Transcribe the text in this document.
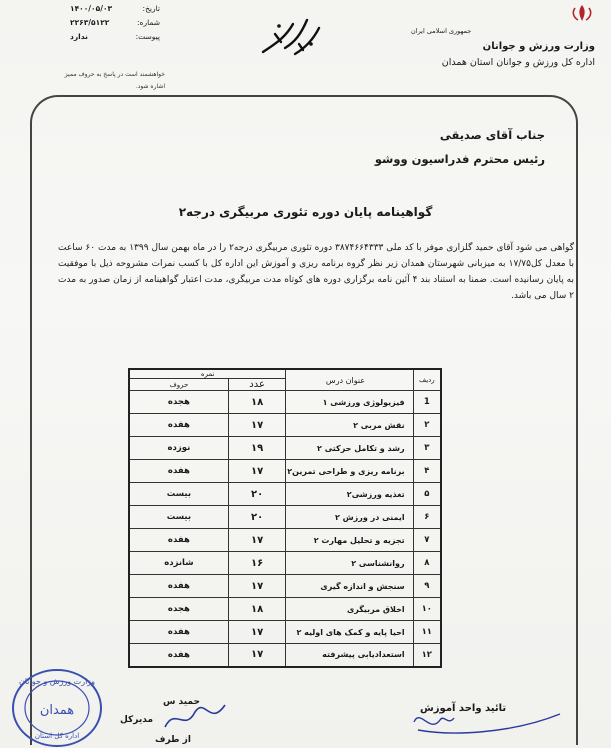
جمهوری اسلامی ایران
وزارت ورزش و جوانان
اداره کل ورزش و جوانان استان همدان
تاریخ:
۱۴۰۰/۰۵/۰۳
شماره:
۲۲۶۳/۵۱۲۲
پیوست:
ندارد
خواهشمند است در پاسخ به حروف ممیز اشاره شود.
جناب آقای صدیقی
رئیس محترم فدراسیون ووشو
گواهینامه پایان دوره تئوری مربیگری درجه۲
گواهی می شود آقای حمید گلزاری موفر با کد ملی ۳۸۷۴۶۶۴۳۳۳ دوره تئوری مربیگری درجه۲ را در ماه بهمن سال ۱۳۹۹ به مدت ۶۰ ساعت با معدل کل۱۷/۷۵ به میزبانی شهرستان همدان زیر نظر گروه برنامه ریزی و آموزش این اداره کل با کسب نمرات مشروحه ذیل با موفقیت به پایان رسانیده است. ضمنا به استناد بند ۴ آئین نامه برگزاری دوره های کوتاه مدت مربیگری، مدت اعتبار گواهینامه از زمان صدور به مدت ۲ سال می باشد.
ردیف	عنوان درس	نمره	
		عدد	حروف
1	فیزیولوژی ورزشی ۱	۱۸	هجده
۲	نقش مربی ۲	۱۷	هفده
۳	رشد و تکامل حرکتی ۲	۱۹	نوزده
۴	برنامه ریزی و طراحی تمرین۲	۱۷	هفده
۵	تغذیه ورزشی۲	۲۰	بیست
۶	ایمنی در ورزش ۲	۲۰	بیست
۷	تجزیه و تحلیل مهارت ۲	۱۷	هفده
۸	روانشناسی ۲	۱۶	شانزده
۹	سنجش و اندازه گیری	۱۷	هفده
۱۰	اخلاق مربیگری	۱۸	هجده
۱۱	احیا پایه و کمک های اولیه ۲	۱۷	هفده
۱۲	استعدادیابی پیشرفته	۱۷	هفده
وزارت ورزش و جوانان
همدان
اداره کل استان
حمید س
مدیرکل
از طرف
تائید واحد آموزش
